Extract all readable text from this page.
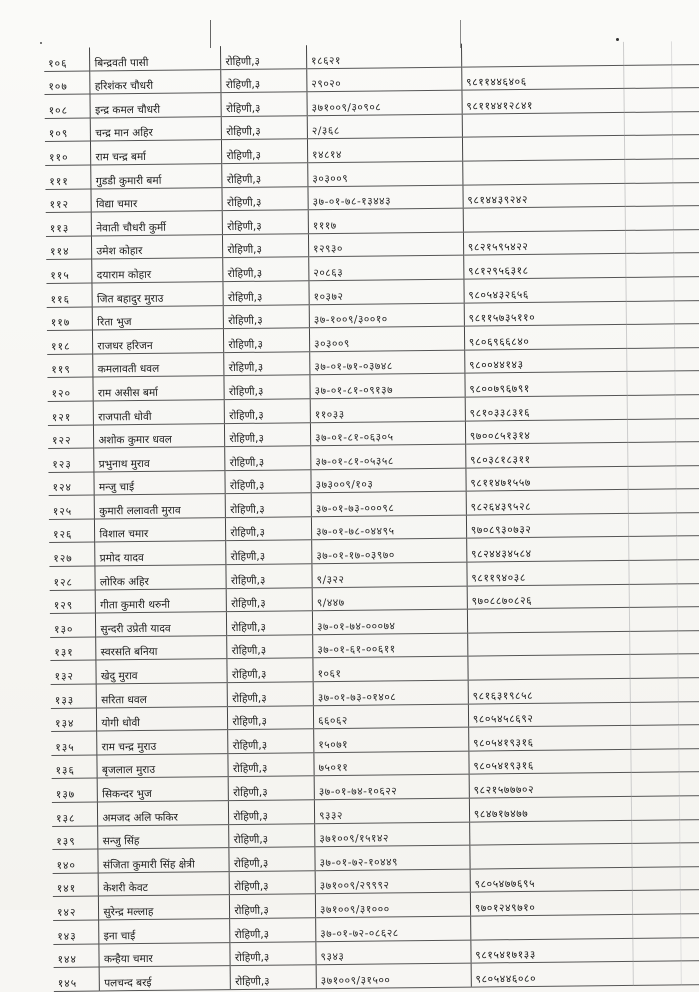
१०६	बिन्द्रवती पासी	रोहिणी,३	१८६२१			
१०७	हरिशंकर चौधरी	रोहिणी,३	२९०२०	९८११४४६४०६		
१०८	इन्द्र कमल चौधरी	रोहिणी,३	३७१००९/३०९०८	९८११४४१२८४१		
१०९	चन्द्र मान अहिर	रोहिणी,३	२/३६८			
११०	राम चन्द्र बर्मा	रोहिणी,३	१४८१४			
१११	गुडडी कुमारी बर्मा	रोहिणी,३	३०३००९			
११२	विद्या चमार	रोहिणी,३	३७-०१-७८-१३४४३	९८१४४३९२४२		
११३	नेवाती चौधरी कुर्मी	रोहिणी,३	१११७			
११४	उमेश कोहार	रोहिणी,३	१२९३०	९८२१५९५४२२		
११५	दयाराम कोहार	रोहिणी,३	२०८६३	९८१२९५६३१८		
११६	जित बहादुर मुराउ	रोहिणी,३	१०३७२	९८०५४३२६५६		
११७	रिता भुज	रोहिणी,३	३७-१००९/३००१०	९८११५७३५११०		
११८	राजधर हरिजन	रोहिणी,३	३०३००९	९८०६९६६८४०		
११९	कमलावती धवल	रोहिणी,३	३७-०१-७१-०३७४८	९८००४४१४३		
१२०	राम असीस बर्मा	रोहिणी,३	३७-०१-८१-०९१३७	९८००७९६७९१		
१२१	राजपाती धोवी	रोहिणी,३	११०३३	९८१०३३८३१६		
१२२	अशोक कुमार धवल	रोहिणी,३	३७-०१-८१-०६३०५	९७००८५१३१४		
१२३	प्रभुनाथ मुराव	रोहिणी,३	३७-०१-८१-०५३५८	९८०३८१८३११		
१२४	मन्जु चाई	रोहिणी,३	३७३००९/१०३	९८११४७१५५७		
१२५	कुमारी ललावती मुराव	रोहिणी,३	३७-०१-७३-०००९८	९८२६४३९५२८		
१२६	विशाल चमार	रोहिणी,३	३७-०१-७८-०४४९५	९७०८९३०७३२		
१२७	प्रमोद यादव	रोहिणी,३	३७-०१-१७-०३९७०	९८२४४३४५८४		
१२८	लोरिक अहिर	रोहिणी,३	९/३२२	९८११९४०३८		
१२९	गीता कुमारी थरुनी	रोहिणी,३	९/४४७	९७०८८७०८२६		
१३०	सुन्दरी उप्रेती यादव	रोहिणी,३	३७-०१-७४-०००७४			
१३१	स्वरसति बनिया	रोहिणी,३	३७-०१-६१-००६११			
१३२	खेदु मुराव	रोहिणी,३	१०६१			
१३३	सरिता धवल	रोहिणी,३	३७-०१-७३-०१४०८	९८१६३१९८५८		
१३४	योगी धोवी	रोहिणी,३	६६०६२	९८०५४५८६९२		
१३५	राम चन्द्र मुराउ	रोहिणी,३	१५०७१	९८०५४१९३१६		
१३६	बृजलाल मुराउ	रोहिणी,३	७५०११	९८०५४१९३१६		
१३७	सिकन्दर भुज	रोहिणी,३	३७-०१-७४-१०६२२	९८२१५७७७०२		
१३८	अमजद अलि फकिर	रोहिणी,३	९३३२	९८४७१७४७७		
१३९	सन्जु सिंह	रोहिणी,३	३७१००९/१५१४२			
१४०	संजिता कुमारी सिंह क्षेत्री	रोहिणी,३	३७-०१-७२-१०४४९			
१४१	केशरी केवट	रोहिणी,३	३७१००९/२९९९२	९८०५४७७६९५		
१४२	सुरेन्द्र मल्लाह	रोहिणी,३	३७१००९/३१०००	९७०१२४९७१०		
१४३	इना चाई	रोहिणी,३	३७-०१-७२-०८६२८			
१४४	कन्हैया चमार	रोहिणी,३	९३४३	९८१५४१७१३३		
१४५	पलचन्द बरई	रोहिणी,३	३७१००९/३१५००	९८०५४४६०८०		
